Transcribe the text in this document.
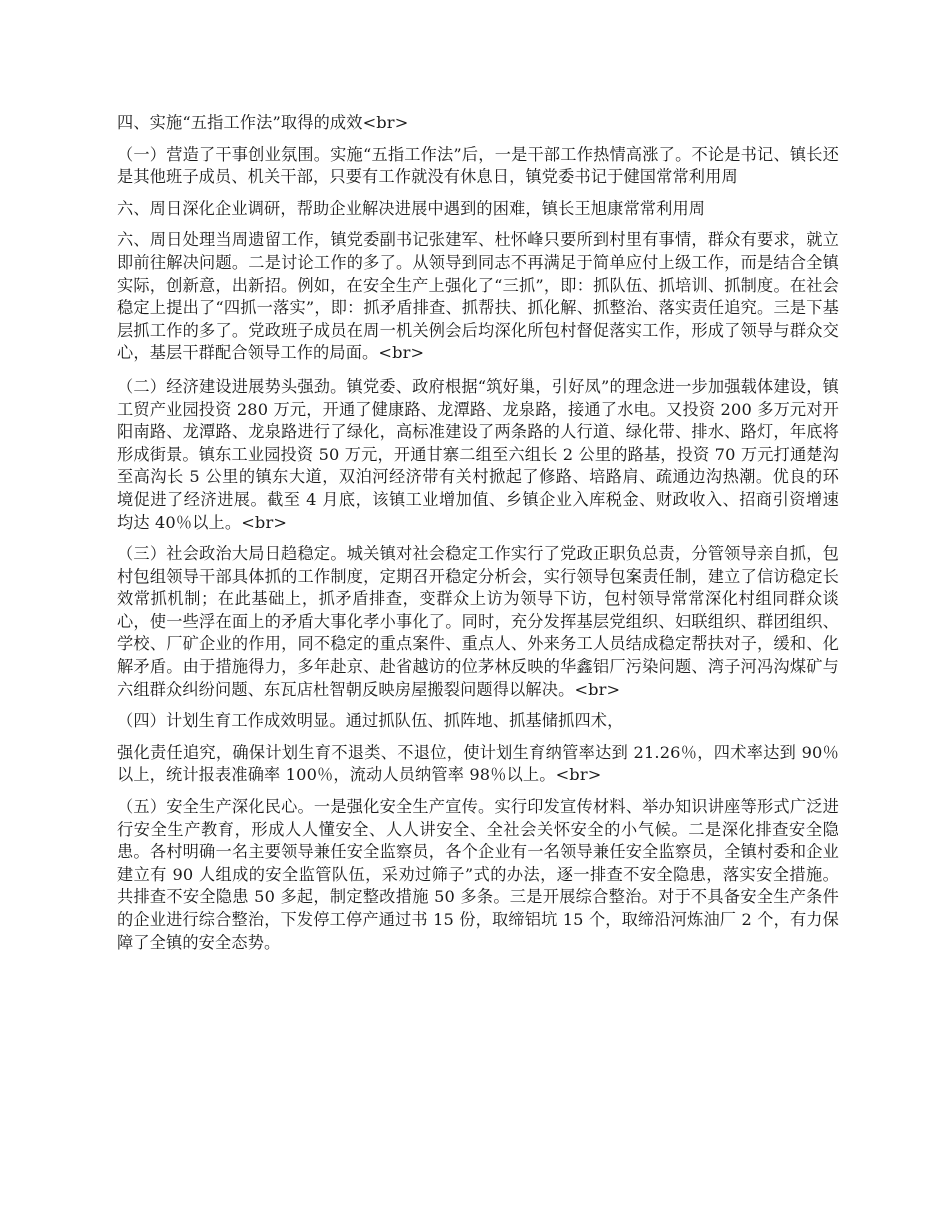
四、实施“五指工作法”取得的成效<br>

（一）营造了干事创业氛围。实施“五指工作法”后，一是干部工作热情高涨了。不论是书记、镇长还是其他班子成员、机关干部，只要有工作就没有休息日，镇党委书记于健国常常利用周

六、周日深化企业调研，帮助企业解决进展中遇到的困难，镇长王旭康常常利用周

六、周日处理当周遗留工作，镇党委副书记张建军、杜怀峰只要所到村里有事情，群众有要求，就立即前往解决问题。二是讨论工作的多了。从领导到同志不再满足于简单应付上级工作，而是结合全镇实际，创新意，出新招。例如，在安全生产上强化了“三抓”，即：抓队伍、抓培训、抓制度。在社会稳定上提出了“四抓一落实”，即：抓矛盾排查、抓帮扶、抓化解、抓整治、落实责任追究。三是下基层抓工作的多了。党政班子成员在周一机关例会后均深化所包村督促落实工作，形成了领导与群众交心，基层干群配合领导工作的局面。<br>

（二）经济建设进展势头强劲。镇党委、政府根据“筑好巢，引好凤”的理念进一步加强载体建设，镇工贸产业园投资 280 万元，开通了健康路、龙潭路、龙泉路，接通了水电。又投资 200 多万元对开阳南路、龙潭路、龙泉路进行了绿化，高标准建设了两条路的人行道、绿化带、排水、路灯，年底将形成街景。镇东工业园投资 50 万元，开通甘寨二组至六组长 2 公里的路基，投资 70 万元打通楚沟至高沟长 5 公里的镇东大道，双泊河经济带有关村掀起了修路、培路肩、疏通边沟热潮。优良的环境促进了经济进展。截至 4 月底，该镇工业增加值、乡镇企业入库税金、财政收入、招商引资增速均达 40％以上。<br>

（三）社会政治大局日趋稳定。城关镇对社会稳定工作实行了党政正职负总责，分管领导亲自抓，包村包组领导干部具体抓的工作制度，定期召开稳定分析会，实行领导包案责任制，建立了信访稳定长效常抓机制；在此基础上，抓矛盾排查，变群众上访为领导下访，包村领导常常深化村组同群众谈心，使一些浮在面上的矛盾大事化孝小事化了。同时，充分发挥基层党组织、妇联组织、群团组织、学校、厂矿企业的作用，同不稳定的重点案件、重点人、外来务工人员结成稳定帮扶对子，缓和、化解矛盾。由于措施得力，多年赴京、赴省越访的位茅林反映的华鑫铝厂污染问题、湾子河冯沟煤矿与六组群众纠纷问题、东瓦店杜智朝反映房屋搬裂问题得以解决。<br>

（四）计划生育工作成效明显。通过抓队伍、抓阵地、抓基储抓四术，

强化责任追究，确保计划生育不退类、不退位，使计划生育纳管率达到 21.26％，四术率达到 90％以上，统计报表准确率 100％，流动人员纳管率 98％以上。<br>

（五）安全生产深化民心。一是强化安全生产宣传。实行印发宣传材料、举办知识讲座等形式广泛进行安全生产教育，形成人人懂安全、人人讲安全、全社会关怀安全的小气候。二是深化排查安全隐患。各村明确一名主要领导兼任安全监察员，各个企业有一名领导兼任安全监察员，全镇村委和企业建立有 90 人组成的安全监管队伍，采劝过筛子”式的办法，逐一排查不安全隐患，落实安全措施。共排查不安全隐患 50 多起，制定整改措施 50 多条。三是开展综合整治。对于不具备安全生产条件的企业进行综合整治，下发停工停产通过书 15 份，取缔铝坑 15 个，取缔沿河炼油厂 2 个，有力保障了全镇的安全态势。
